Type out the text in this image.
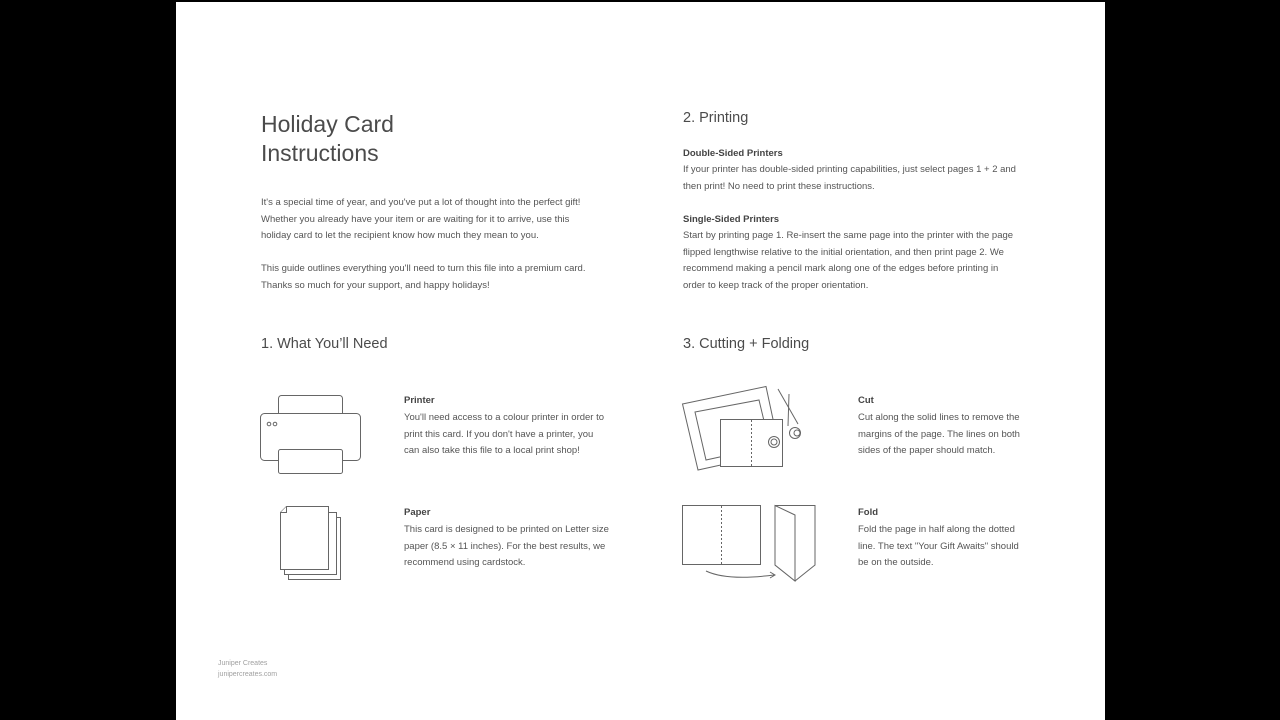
Holiday Card
Instructions

It's a special time of year, and you've put a lot of thought into the perfect gift! Whether you already have your item or are waiting for it to arrive, use this holiday card to let the recipient know how much they mean to you.

This guide outlines everything you'll need to turn this file into a premium card. Thanks so much for your support, and happy holidays!

2. Printing
Double-Sided Printers

If your printer has double-sided printing capabilities, just select pages 1 + 2 and then print! No need to print these instructions.

Single-Sided Printers

Start by printing page 1. Re-insert the same page into the printer with the page flipped lengthwise relative to the initial orientation, and then print page 2. We recommend making a pencil mark along one of the edges before printing in order to keep track of the proper orientation.

1. What You’ll Need
Printer
You'll need access to a colour printer in order to print this card. If you don't have a printer, you can also take this file to a local print shop!
Paper
This card is designed to be printed on Letter size paper (8.5 × 11 inches). For the best results, we recommend using cardstock.
3. Cutting + Folding
Cut
Cut along the solid lines to remove the margins of the page. The lines on both sides of the paper should match.
Fold
Fold the page in half along the dotted line. The text "Your Gift Awaits" should be on the outside.
Juniper Creates
junipercreates.com
